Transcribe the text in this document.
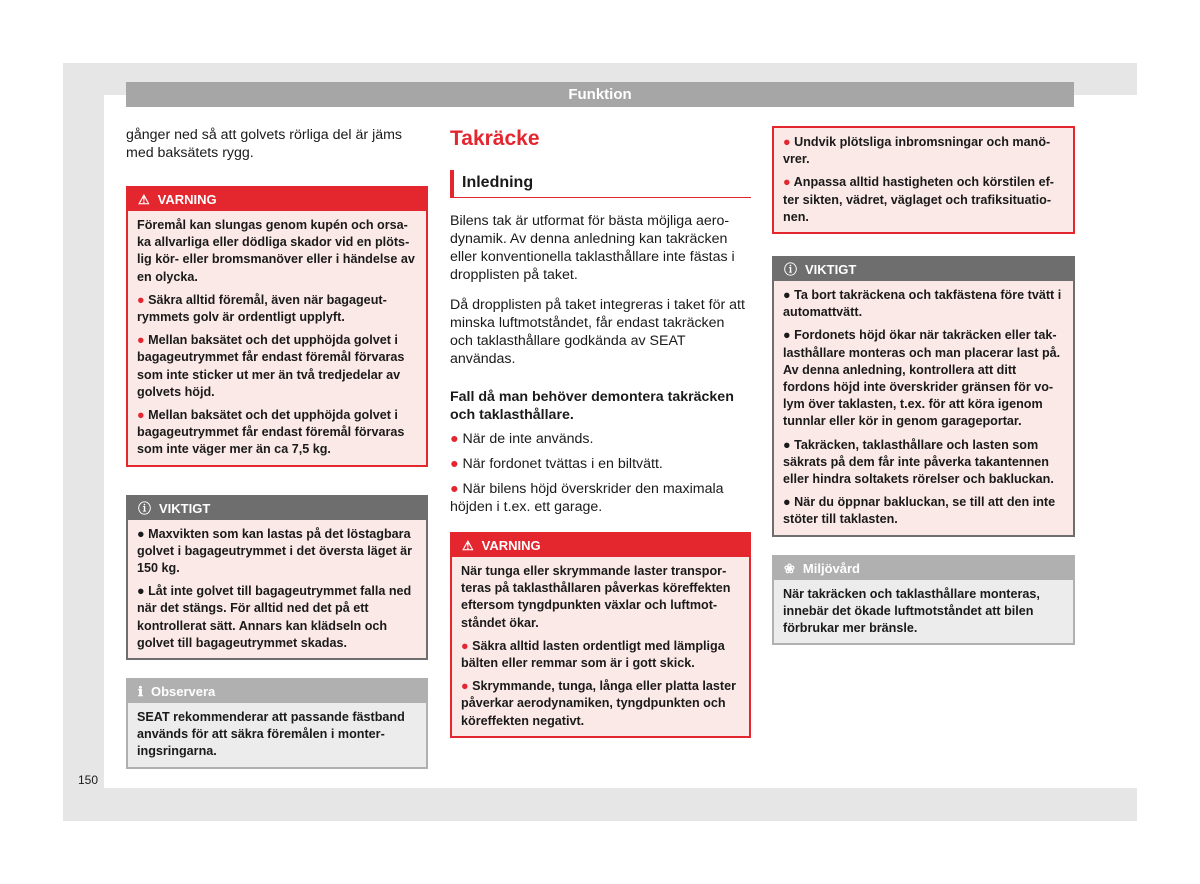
Funktion

gånger ned så att golvets rörliga del är jäms med baksätets rygg.

⚠ VARNING
Föremål kan slungas genom kupén och orsaka allvarliga eller dödliga skador vid en plötslig kör- eller bromsmanöver eller i händelse av en olycka.
● Säkra alltid föremål, även när bagageutrymmets golv är ordentligt upplyft.
● Mellan baksätet och det upphöjda golvet i bagageutrymmet får endast föremål förvaras som inte sticker ut mer än två tredjedelar av golvets höjd.
● Mellan baksätet och det upphöjda golvet i bagageutrymmet får endast föremål förvaras som inte väger mer än ca 7,5 kg.
ⓘ VIKTIGT
● Maxvikten som kan lastas på det löstagbara golvet i bagageutrymmet i det översta läget är 150 kg.
● Låt inte golvet till bagageutrymmet falla ned när det stängs. För alltid ned det på ett kontrollerat sätt. Annars kan klädseln och golvet till bagageutrymmet skadas.
ℹ Observera
SEAT rekommenderar att passande fästband används för att säkra föremålen i monteringsringarna.
Takräcke
Inledning

Bilens tak är utformat för bästa möjliga aerodynamik. Av denna anledning kan takräcken eller konventionella taklasthållare inte fästas i dropplisten på taket.

Då dropplisten på taket integreras i taket för att minska luftmotståndet, får endast takräcken och taklasthållare godkända av SEAT användas.

Fall då man behöver demontera takräcken och taklasthållare.
● När de inte används.
● När fordonet tvättas i en biltvätt.
● När bilens höjd överskrider den maximala höjden i t.ex. ett garage.
⚠ VARNING
När tunga eller skrymmande laster transporteras på taklasthållaren påverkas köreffekten eftersom tyngdpunkten växlar och luftmotståndet ökar.
● Säkra alltid lasten ordentligt med lämpliga bälten eller remmar som är i gott skick.
● Skrymmande, tunga, långa eller platta laster påverkar aerodynamiken, tyngdpunkten och köreffekten negativt.
● Undvik plötsliga inbromsningar och manövrer.
● Anpassa alltid hastigheten och körstilen efter sikten, vädret, väglaget och trafiksituationen.
ⓘ VIKTIGT
● Ta bort takräckena och takfästena före tvätt i automattvätt.
● Fordonets höjd ökar när takräcken eller taklasthållare monteras och man placerar last på. Av denna anledning, kontrollera att ditt fordons höjd inte överskrider gränsen för volym över taklasten, t.ex. för att köra igenom tunnlar eller kör in genom garageportar.
● Takräcken, taklasthållare och lasten som säkrats på dem får inte påverka takantennen eller hindra soltakets rörelser och bakluckan.
● När du öppnar bakluckan, se till att den inte stöter till taklasten.
❀ Miljövård
När takräcken och taklasthållare monteras, innebär det ökade luftmotståndet att bilen förbrukar mer bränsle.
150
